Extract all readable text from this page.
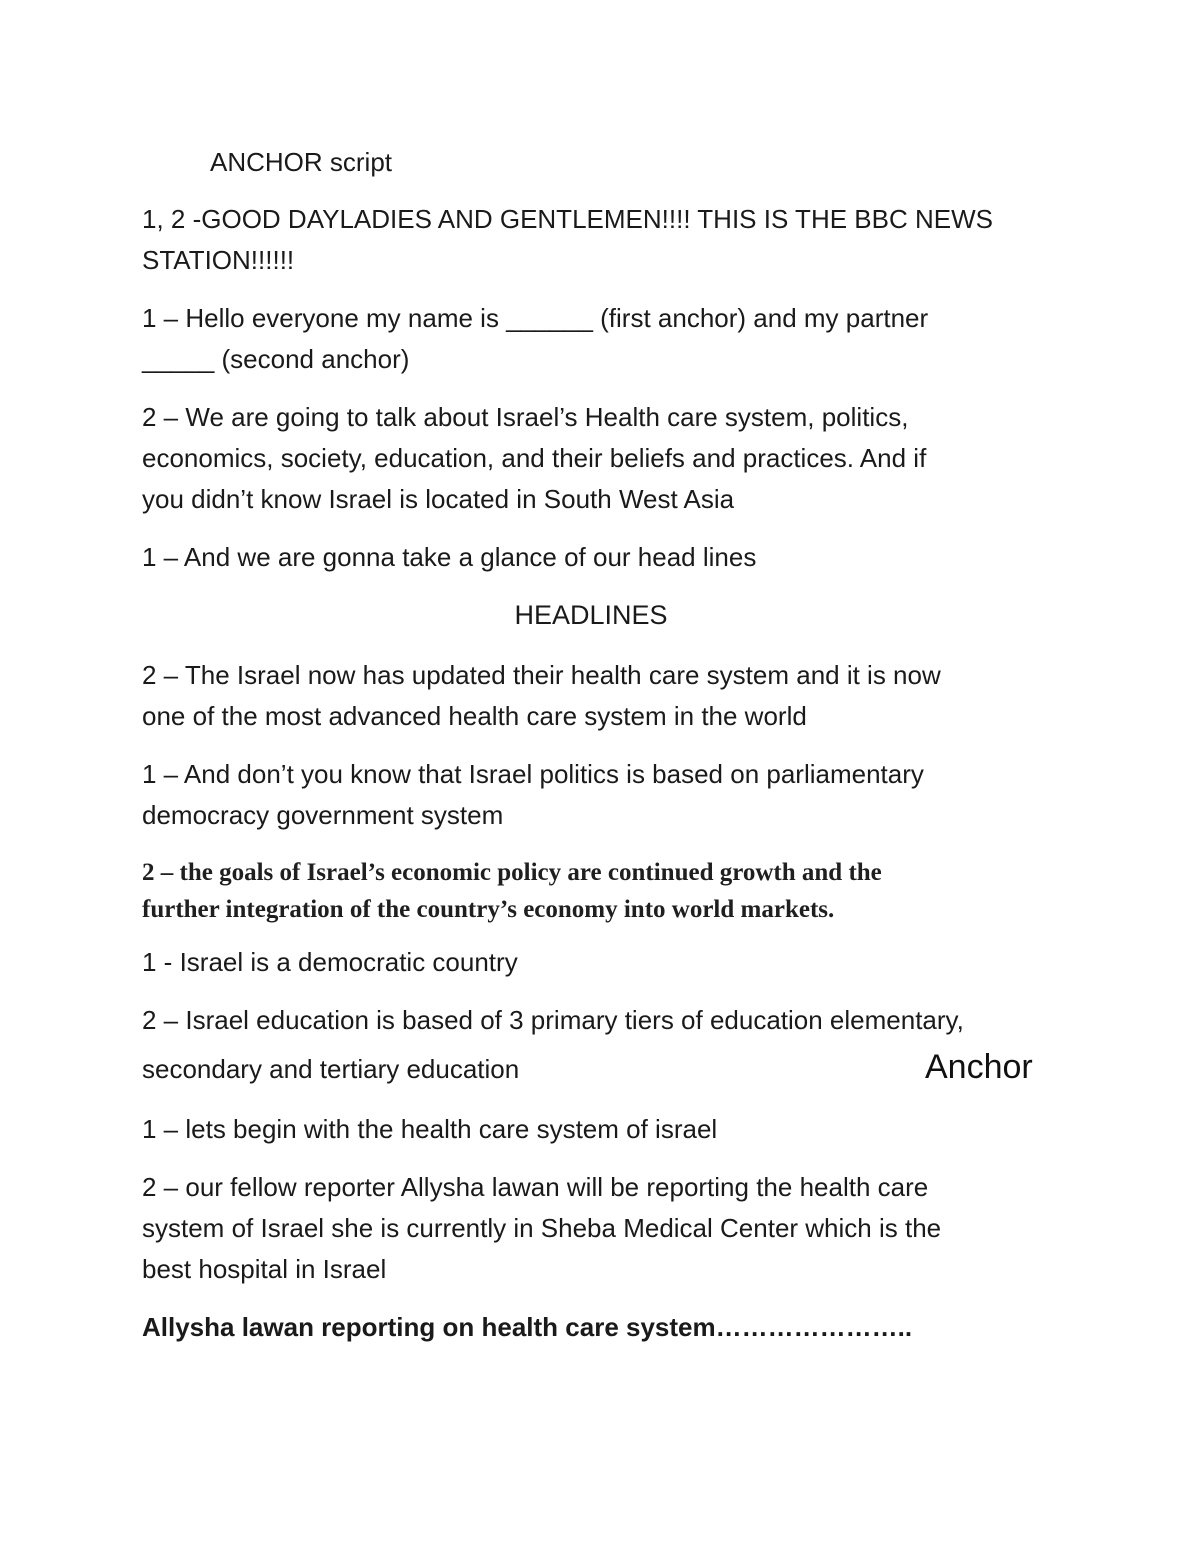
ANCHOR script

1, 2 -GOOD DAYLADIES AND GENTLEMEN!!!! THIS IS THE BBC NEWS

STATION!!!!!!

1 – Hello everyone my name is ______ (first anchor) and my partner

_____ (second anchor)

2 – We are going to talk about Israel’s Health care system, politics,

economics, society, education, and their beliefs and practices. And if

you didn’t know Israel is located in South West Asia

1 – And we are gonna take a glance of our head lines

HEADLINES

2 – The Israel now has updated their health care system and it is now

one of the most advanced health care system in the world

1 – And don’t you know that Israel politics is based on parliamentary

democracy government system

2 – the goals of Israel’s economic policy are continued growth and the

further integration of the country’s economy into world markets.

1 - Israel is a democratic country

2 – Israel education is based of 3 primary tiers of education elementary,

secondary and tertiary education	Anchor

1 – lets begin with the health care system of israel

2 – our fellow reporter Allysha lawan will be reporting the health care

system of Israel she is currently in Sheba Medical Center which is the

best hospital in Israel

Allysha lawan reporting on health care system…………………..
